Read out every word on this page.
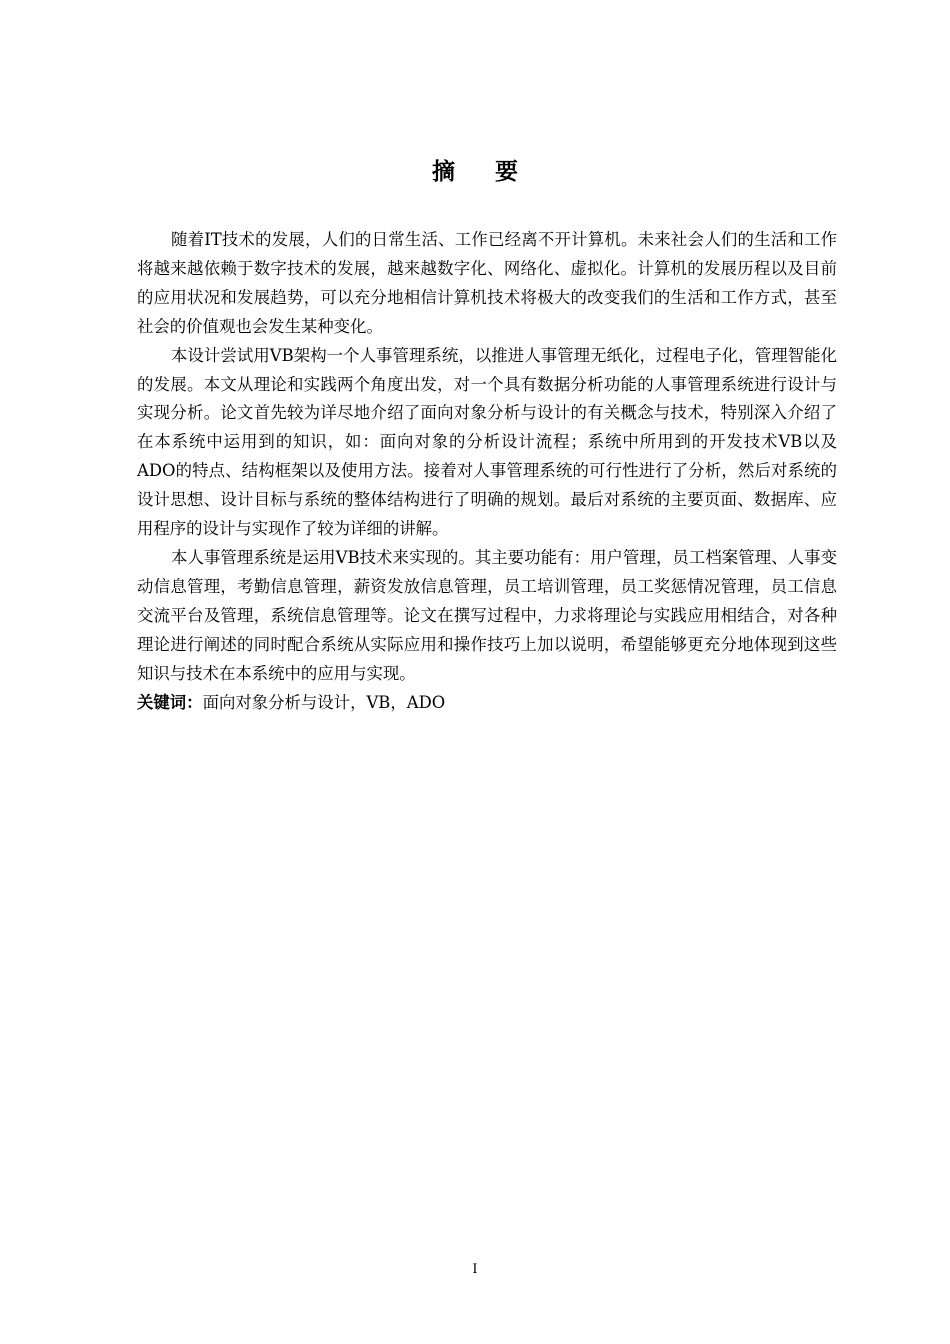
摘 要

随着IT技术的发展，人们的日常生活、工作已经离不开计算机。未来社会人们的生活和工作将越来越依赖于数字技术的发展，越来越数字化、网络化、虚拟化。计算机的发展历程以及目前的应用状况和发展趋势，可以充分地相信计算机技术将极大的改变我们的生活和工作方式，甚至社会的价值观也会发生某种变化。

本设计尝试用VB架构一个人事管理系统，以推进人事管理无纸化，过程电子化，管理智能化的发展。本文从理论和实践两个角度出发，对一个具有数据分析功能的人事管理系统进行设计与实现分析。论文首先较为详尽地介绍了面向对象分析与设计的有关概念与技术，特别深入介绍了在本系统中运用到的知识，如：面向对象的分析设计流程；系统中所用到的开发技术VB以及ADO的特点、结构框架以及使用方法。接着对人事管理系统的可行性进行了分析，然后对系统的设计思想、设计目标与系统的整体结构进行了明确的规划。最后对系统的主要页面、数据库、应用程序的设计与实现作了较为详细的讲解。

本人事管理系统是运用VB技术来实现的。其主要功能有：用户管理，员工档案管理、人事变动信息管理，考勤信息管理，薪资发放信息管理，员工培训管理，员工奖惩情况管理，员工信息交流平台及管理，系统信息管理等。论文在撰写过程中，力求将理论与实践应用相结合，对各种理论进行阐述的同时配合系统从实际应用和操作技巧上加以说明，希望能够更充分地体现到这些知识与技术在本系统中的应用与实现。

关键词：面向对象分析与设计，VB，ADO

I
